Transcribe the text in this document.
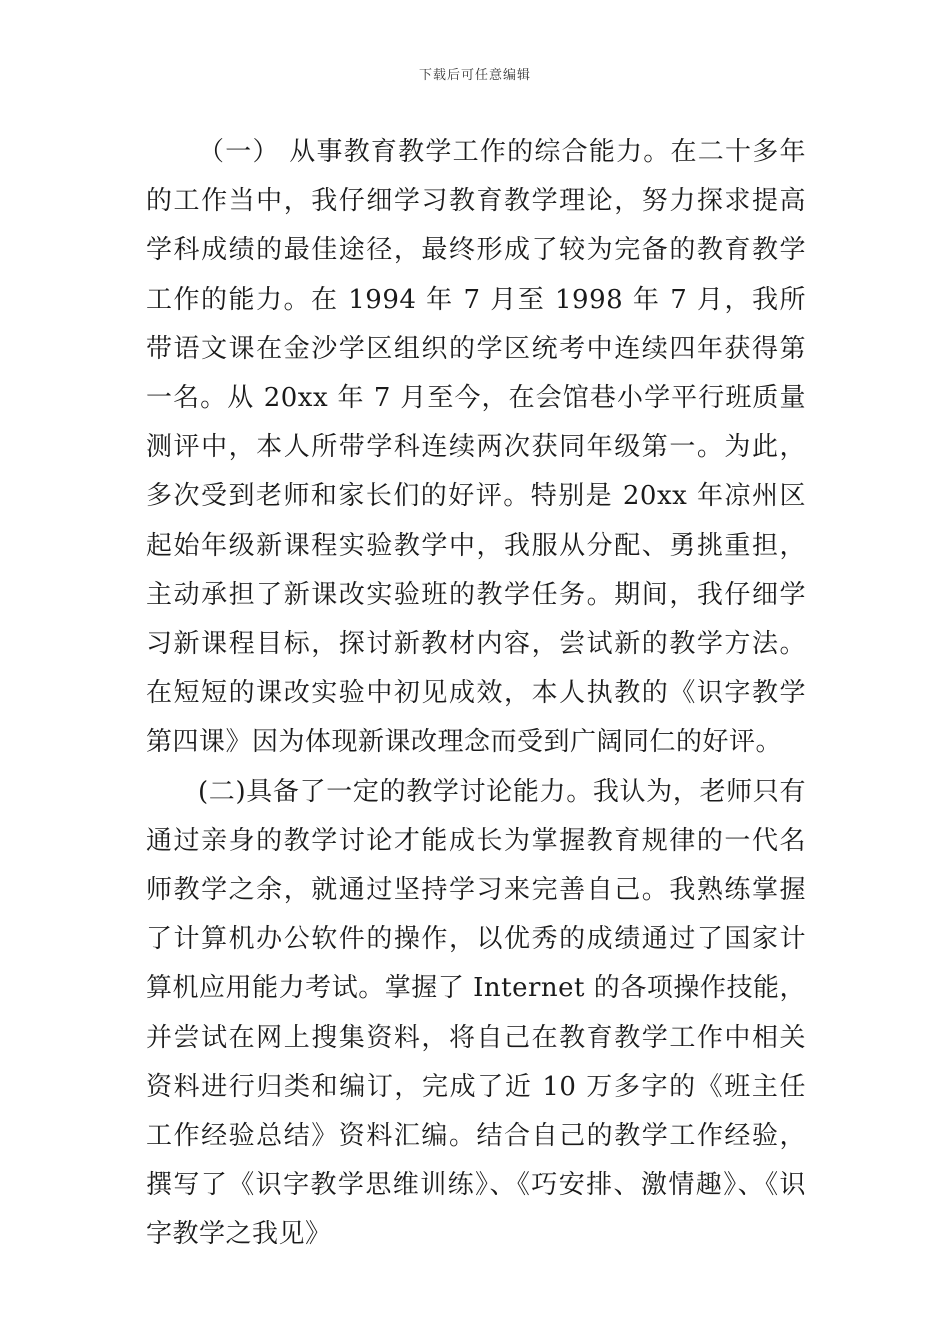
下载后可任意编辑

（一） 从事教育教学工作的综合能力。在二十多年的工作当中，我仔细学习教育教学理论，努力探求提高学科成绩的最佳途径，最终形成了较为完备的教育教学工作的能力。在 1994 年 7 月至 1998 年 7 月，我所带语文课在金沙学区组织的学区统考中连续四年获得第一名。从 20xx 年 7 月至今，在会馆巷小学平行班质量测评中，本人所带学科连续两次获同年级第一。为此，多次受到老师和家长们的好评。特别是 20xx 年凉州区起始年级新课程实验教学中，我服从分配、勇挑重担，主动承担了新课改实验班的教学任务。期间，我仔细学习新课程目标，探讨新教材内容，尝试新的教学方法。在短短的课改实验中初见成效，本人执教的《识字教学第四课》因为体现新课改理念而受到广阔同仁的好评。

(二)具备了一定的教学讨论能力。我认为，老师只有通过亲身的教学讨论才能成长为掌握教育规律的一代名师教学之余，就通过坚持学习来完善自己。我熟练掌握了计算机办公软件的操作，以优秀的成绩通过了国家计算机应用能力考试。掌握了 Internet 的各项操作技能，并尝试在网上搜集资料，将自己在教育教学工作中相关资料进行归类和编订，完成了近 10 万多字的《班主任工作经验总结》资料汇编。结合自己的教学工作经验，撰写了《识字教学思维训练》、《巧安排、激情趣》、《识字教学之我见》
